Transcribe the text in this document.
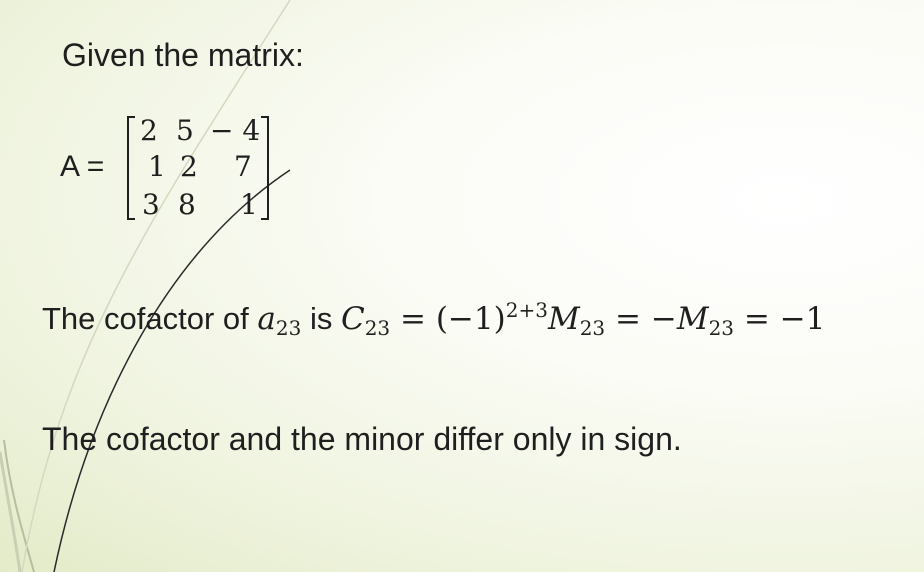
Given the matrix:
A =
2 5 − 4
1 2 7
3 8 1
The cofactor of $a_{23}$ is $C_{23} = (-1)^{2+3}M_{23} = -M_{23} = -1$
The cofactor and the minor differ only in sign.
